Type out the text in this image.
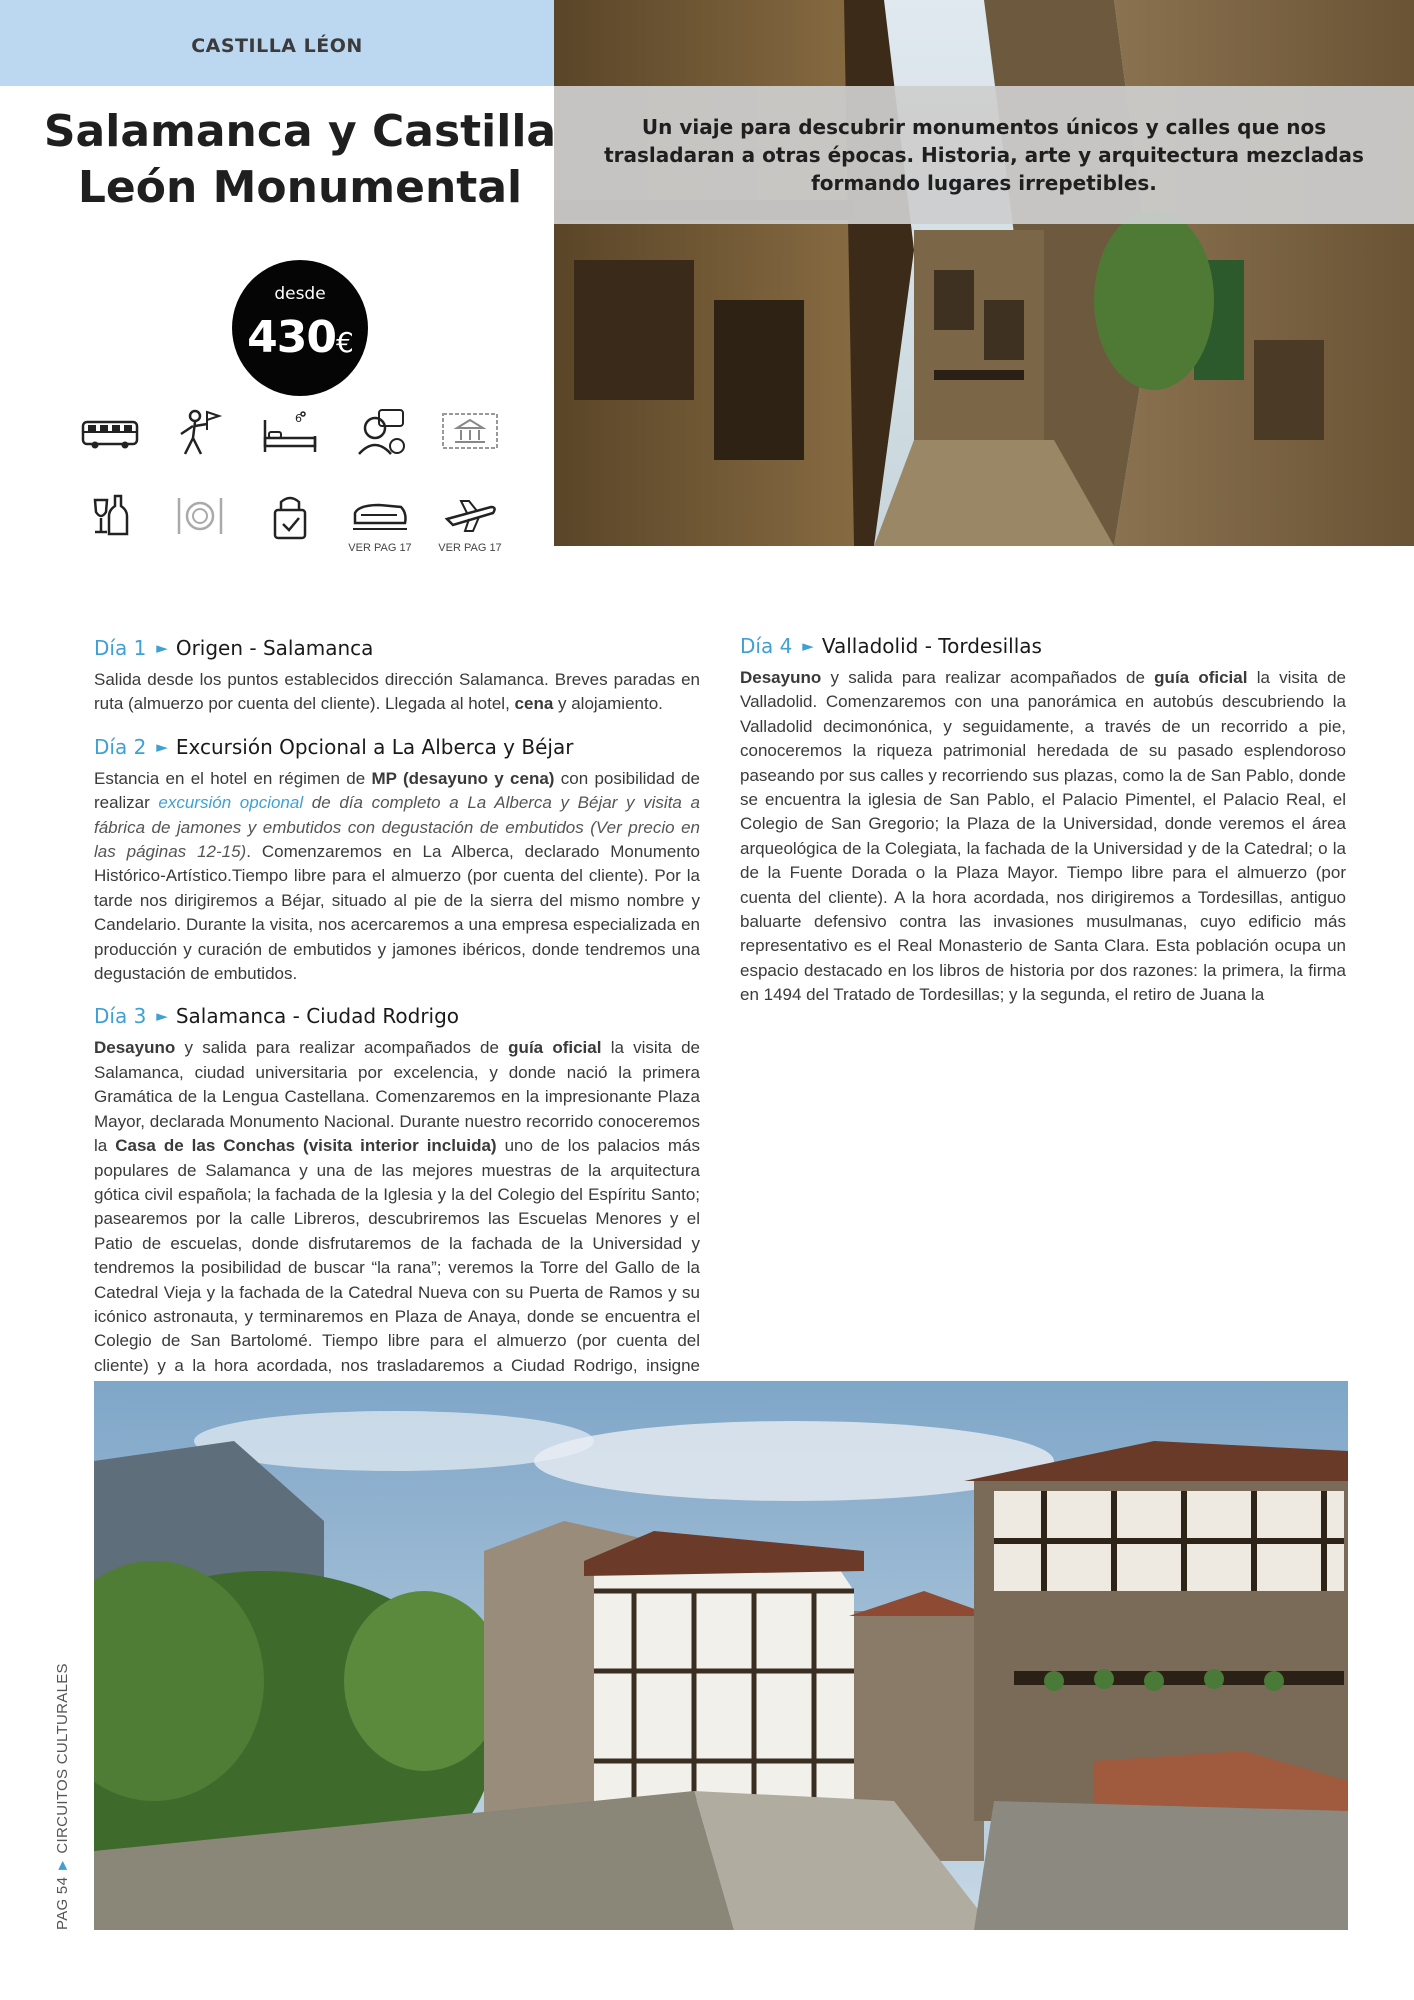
CASTILLA LÉON
Un viaje para descubrir monumentos únicos y calles que nos trasladaran a otras épocas. Historia, arte y arquitectura mezcladas formando lugares irrepetibles.
Salamanca y Castilla León Monumental
desde
430€
6
VER PAG 17 VER PAG 17
Día 1 ► Origen - Salamanca

Salida desde los puntos establecidos dirección Salamanca. Breves paradas en ruta (almuerzo por cuenta del cliente). Llegada al hotel, cena y alojamiento.

Día 2 ► Excursión Opcional a La Alberca y Béjar

Estancia en el hotel en régimen de MP (desayuno y cena) con posibilidad de realizar excursión opcional de día completo a La Alberca y Béjar y visita a fábrica de jamones y embutidos con degustación de embutidos (Ver precio en las páginas 12-15). Comenzaremos en La Alberca, declarado Monumento Histórico-Artístico.Tiempo libre para el almuerzo (por cuenta del cliente). Por la tarde nos dirigiremos a Béjar, situado al pie de la sierra del mismo nombre y Candelario. Durante la visita, nos acercaremos a una empresa especializada en producción y curación de embutidos y jamones ibéricos, donde tendremos una degustación de embutidos.

Día 3 ► Salamanca - Ciudad Rodrigo

Desayuno y salida para realizar acompañados de guía oficial la visita de Salamanca, ciudad universitaria por excelencia, y donde nació la primera Gramática de la Lengua Castellana. Comenzaremos en la impresionante Plaza Mayor, declarada Monumento Nacional. Durante nuestro recorrido conoceremos la Casa de las Conchas (visita interior incluida) uno de los palacios más populares de Salamanca y una de las mejores muestras de la arquitectura gótica civil española; la fachada de la Iglesia y la del Colegio del Espíritu Santo; pasearemos por la calle Libreros, descubriremos las Escuelas Menores y el Patio de escuelas, donde disfrutaremos de la fachada de la Universidad y tendremos la posibilidad de buscar “la rana”; veremos la Torre del Gallo de la Catedral Vieja y la fachada de la Catedral Nueva con su Puerta de Ramos y su icónico astronauta, y terminaremos en Plaza de Anaya, donde se encuentra el Colegio de San Bartolomé. Tiempo libre para el almuerzo (por cuenta del cliente) y a la hora acordada, nos trasladaremos a Ciudad Rodrigo, insigne

Día 4 ► Valladolid - Tordesillas

Desayuno y salida para realizar acompañados de guía oficial la visita de Valladolid. Comenzaremos con una panorámica en autobús descubriendo la Valladolid decimonónica, y seguidamente, a través de un recorrido a pie, conoceremos la riqueza patrimonial heredada de su pasado esplendoroso paseando por sus calles y recorriendo sus plazas, como la de San Pablo, donde se encuentra la iglesia de San Pablo, el Palacio Pimentel, el Palacio Real, el Colegio de San Gregorio; la Plaza de la Universidad, donde veremos el área arqueológica de la Colegiata, la fachada de la Universidad y de la Catedral; o la de la Fuente Dorada o la Plaza Mayor. Tiempo libre para el almuerzo (por cuenta del cliente). A la hora acordada, nos dirigiremos a Tordesillas, antiguo baluarte defensivo contra las invasiones musulmanas, cuyo edificio más representativo es el Real Monasterio de Santa Clara. Esta población ocupa un espacio destacado en los libros de historia por dos razones: la primera, la firma en 1494 del Tratado de Tordesillas; y la segunda, el retiro de Juana la

PAG 54►CIRCUITOS CULTURALES
